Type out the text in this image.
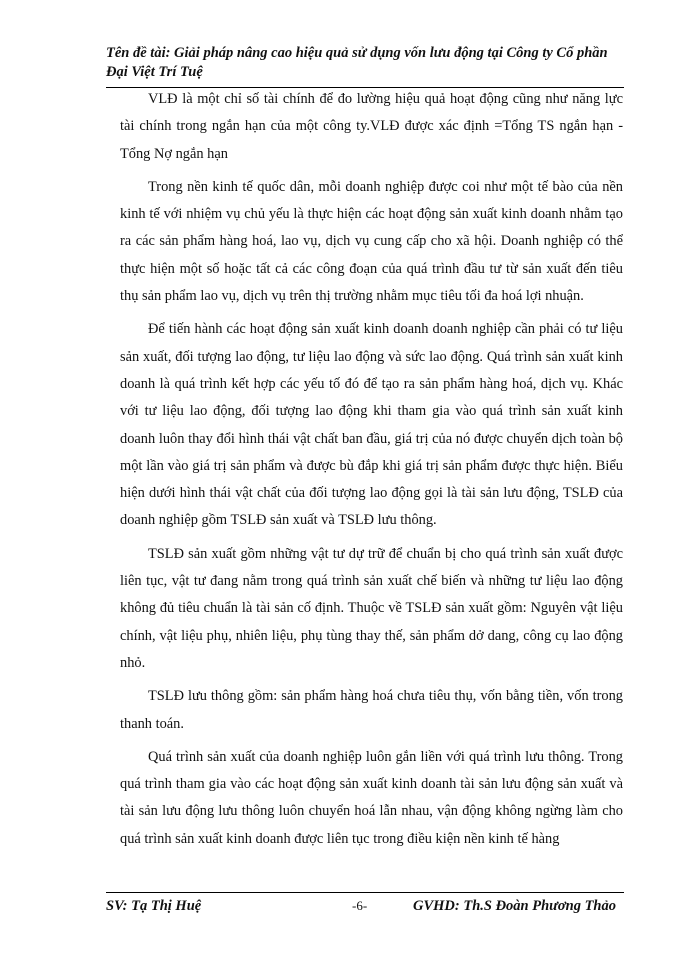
Tên đề tài: Giải pháp nâng cao hiệu quả sử dụng vốn lưu động tại Công ty Cổ phần Đại Việt Trí Tuệ

VLĐ là một chỉ số tài chính để đo lường hiệu quả hoạt động cũng như năng lực tài chính trong ngắn hạn của một công ty.VLĐ được xác định =Tổng TS ngắn hạn -Tổng Nợ ngắn hạn

Trong nền kinh tế quốc dân, mỗi doanh nghiệp được coi như một tế bào của nền kinh tế với nhiệm vụ chủ yếu là thực hiện các hoạt động sản xuất kinh doanh nhằm tạo ra các sản phẩm hàng hoá, lao vụ, dịch vụ cung cấp cho xã hội. Doanh nghiệp có thể thực hiện một số hoặc tất cả các công đoạn của quá trình đầu tư từ sản xuất đến tiêu thụ sản phẩm lao vụ, dịch vụ trên thị trường nhằm mục tiêu tối đa hoá lợi nhuận.

Để tiến hành các hoạt động sản xuất kinh doanh doanh nghiệp cần phải có tư liệu sản xuất, đối tượng lao động, tư liệu lao động và sức lao động. Quá trình sản xuất kinh doanh là quá trình kết hợp các yếu tố đó để tạo ra sản phẩm hàng hoá, dịch vụ. Khác với tư liệu lao động, đối tượng lao động khi tham gia vào quá trình sản xuất kinh doanh luôn thay đổi hình thái vật chất ban đầu, giá trị của nó được chuyển dịch toàn bộ một lần vào giá trị sản phẩm và được bù đắp khi giá trị sản phẩm được thực hiện. Biểu hiện dưới hình thái vật chất của đối tượng lao động gọi là tài sản lưu động, TSLĐ của doanh nghiệp gồm TSLĐ sản xuất và TSLĐ lưu thông.

TSLĐ sản xuất gồm những vật tư dự trữ để chuẩn bị cho quá trình sản xuất được liên tục, vật tư đang nằm trong quá trình sản xuất chế biến và những tư liệu lao động không đủ tiêu chuẩn là tài sản cố định. Thuộc về TSLĐ sản xuất gồm: Nguyên vật liệu chính, vật liệu phụ, nhiên liệu, phụ tùng thay thế, sản phẩm dở dang, công cụ lao động nhỏ.

TSLĐ lưu thông gồm: sản phẩm hàng hoá chưa tiêu thụ, vốn bằng tiền, vốn trong thanh toán.

Quá trình sản xuất của doanh nghiệp luôn gắn liền với quá trình lưu thông. Trong quá trình tham gia vào các hoạt động sản xuất kinh doanh tài sản lưu động sản xuất và tài sản lưu động lưu thông luôn chuyển hoá lẫn nhau, vận động không ngừng làm cho quá trình sản xuất kinh doanh được liên tục trong điều kiện nền kinh tế hàng

SV: Tạ Thị Huệ	-6-	GVHD: Th.S Đoàn Phương Thảo
